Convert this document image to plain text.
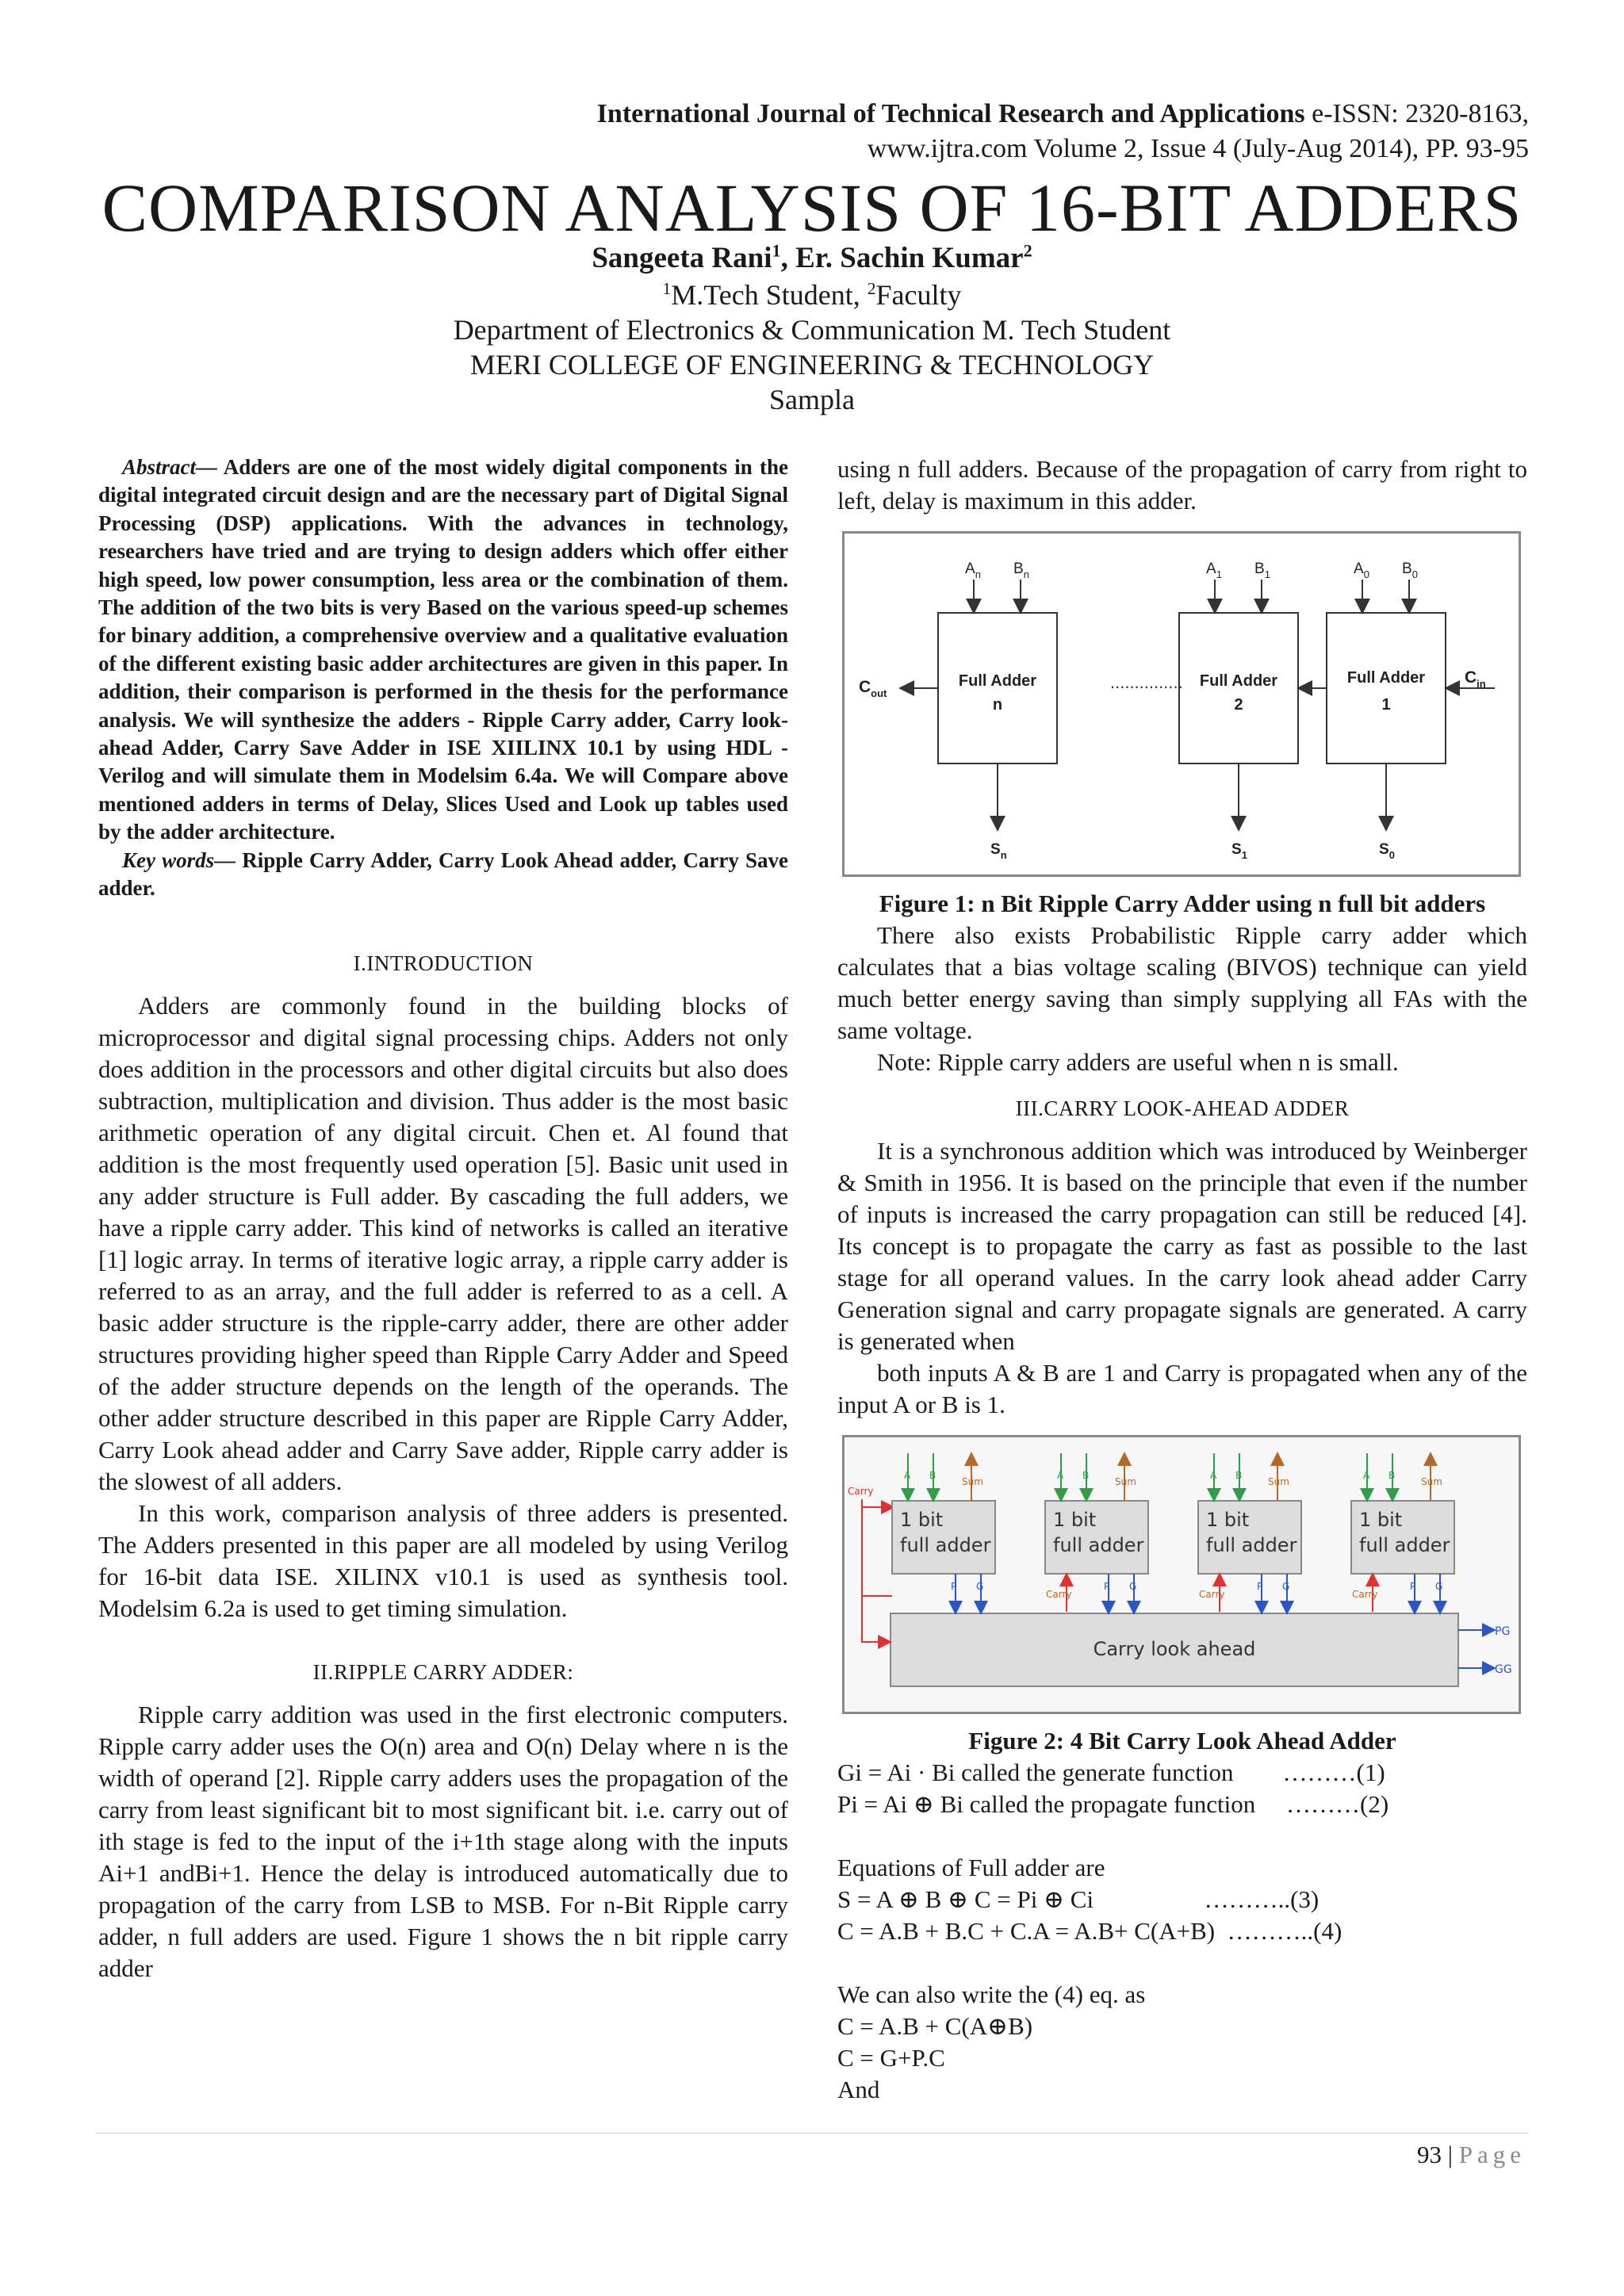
International Journal of Technical Research and Applications e-ISSN: 2320-8163,
www.ijtra.com Volume 2, Issue 4 (July-Aug 2014), PP. 93-95
COMPARISON ANALYSIS OF 16-BIT ADDERS
Sangeeta Rani$^1$, Er. Sachin Kumar$^2$
$^1$M.Tech Student, $^2$Faculty
Department of Electronics & Communication M. Tech Student
MERI COLLEGE OF ENGINEERING & TECHNOLOGY
Sampla

Abstract— Adders are one of the most widely digital components in the digital integrated circuit design and are the necessary part of Digital Signal Processing (DSP) applications. With the advances in technology, researchers have tried and are trying to design adders which offer either high speed, low power consumption, less area or the combination of them. The addition of the two bits is very Based on the various speed-up schemes for binary addition, a comprehensive overview and a qualitative evaluation of the different existing basic adder architectures are given in this paper. In addition, their comparison is performed in the thesis for the performance analysis. We will synthesize the adders - Ripple Carry adder, Carry look- ahead Adder, Carry Save Adder in ISE XIILINX 10.1 by using HDL - Verilog and will simulate them in Modelsim 6.4a. We will Compare above mentioned adders in terms of Delay, Slices Used and Look up tables used by the adder architecture.

Key words— Ripple Carry Adder, Carry Look Ahead adder, Carry Save adder.

I.INTRODUCTION

Adders are commonly found in the building blocks of microprocessor and digital signal processing chips. Adders not only does addition in the processors and other digital circuits but also does subtraction, multiplication and division. Thus adder is the most basic arithmetic operation of any digital circuit. Chen et. Al found that addition is the most frequently used operation [5]. Basic unit used in any adder structure is Full adder. By cascading the full adders, we have a ripple carry adder. This kind of networks is called an iterative [1] logic array. In terms of iterative logic array, a ripple carry adder is referred to as an array, and the full adder is referred to as a cell. A basic adder structure is the ripple-carry adder, there are other adder structures providing higher speed than Ripple Carry Adder and Speed of the adder structure depends on the length of the operands. The other adder structure described in this paper are Ripple Carry Adder, Carry Look ahead adder and Carry Save adder, Ripple carry adder is the slowest of all adders.

In this work, comparison analysis of three adders is presented. The Adders presented in this paper are all modeled by using Verilog for 16-bit data ISE. XILINX v10.1 is used as synthesis tool. Modelsim 6.2a is used to get timing simulation.

II.RIPPLE CARRY ADDER:

Ripple carry addition was used in the first electronic computers. Ripple carry adder uses the O(n) area and O(n) Delay where n is the width of operand [2]. Ripple carry adders uses the propagation of the carry from least significant bit to most significant bit. i.e. carry out of ith stage is fed to the input of the i+1th stage along with the inputs Ai+1 andBi+1. Hence the delay is introduced automatically due to propagation of the carry from LSB to MSB. For n-Bit Ripple carry adder, n full adders are used. Figure 1 shows the n bit ripple carry adder

using n full adders. Because of the propagation of carry from right to left, delay is maximum in this adder.

Full Adder
n
Full Adder
2
Full Adder
1
...............
$A_n$ $B_n$	$A_1$ $B_1$	$A_0$ $B_0$
$S_n$	$S_1$	$S_0$
$C_{out}$
$C_{in}$
Figure 1: n Bit Ripple Carry Adder using n full bit adders

There also exists Probabilistic Ripple carry adder which calculates that a bias voltage scaling (BIVOS) technique can yield much better energy saving than simply supplying all FAs with the same voltage.

Note: Ripple carry adders are useful when n is small.

III.CARRY LOOK-AHEAD ADDER

It is a synchronous addition which was introduced by Weinberger & Smith in 1956. It is based on the principle that even if the number of inputs is increased the carry propagation can still be reduced [4]. Its concept is to propagate the carry as fast as possible to the last stage for all operand values. In the carry look ahead adder Carry Generation signal and carry propagate signals are generated. A carry is generated when

both inputs A & B are 1 and Carry is propagated when any of the input A or B is 1.

Carry look ahead
PG
GG
Carry
1 bit
full adder
A B
Sum
P G
1 bit
full adder
A B
Sum
P G
Carry
1 bit
full adder
A B
Sum
P G
Carry
1 bit
full adder
A B
Sum
P G
Carry
Figure 2: 4 Bit Carry Look Ahead Adder
Gi = Ai · Bi called the generate function        ………(1)
Pi = Ai ⊕ Bi called the propagate function     ………(2)
Equations of Full adder are
S = A ⊕ B ⊕ C = Pi ⊕ Ci                  ………..(3)
C = A.B + B.C + C.A = A.B+ C(A+B)  ………..(4)
We can also write the (4) eq. as
C = A.B + C(A⊕B)
C = G+P.C
And
93 | Page
